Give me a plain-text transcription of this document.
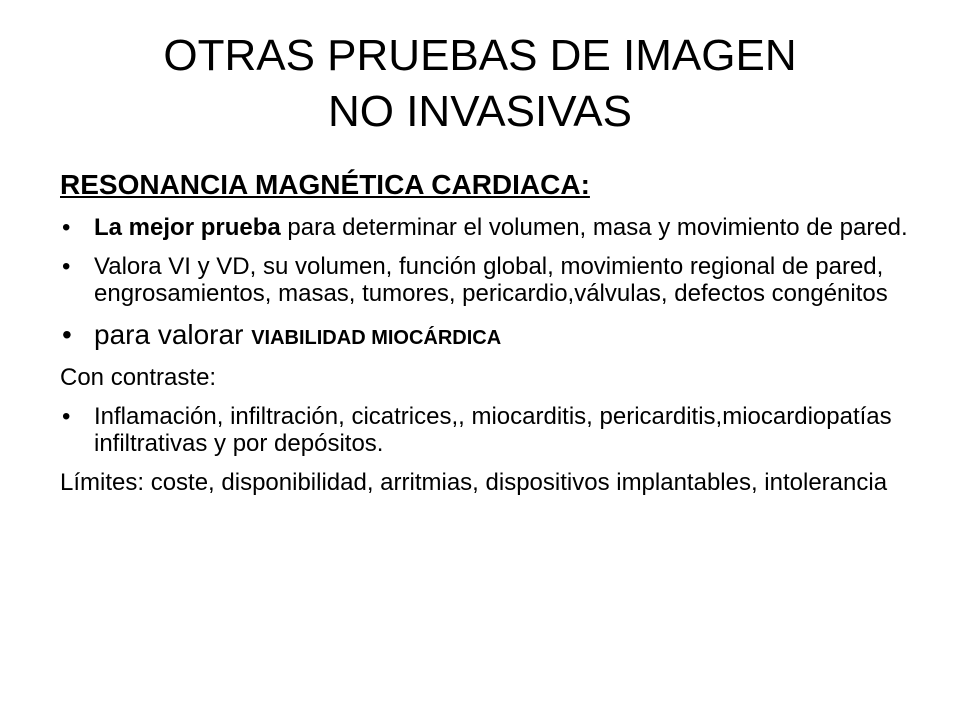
OTRAS PRUEBAS DE IMAGEN
NO INVASIVAS
RESONANCIA MAGNÉTICA CARDIACA:
• La mejor prueba para determinar el volumen, masa y movimiento de pared.
• Valora VI y VD, su volumen, función global, movimiento regional de pared, engrosamientos, masas, tumores, pericardio,válvulas, defectos congénitos
• para valorar VIABILIDAD MIOCÁRDICA
Con contraste:
• Inflamación, infiltración, cicatrices,, miocarditis, pericarditis,miocardiopatías infiltrativas y por depósitos.
Límites: coste, disponibilidad, arritmias, dispositivos implantables, intolerancia
